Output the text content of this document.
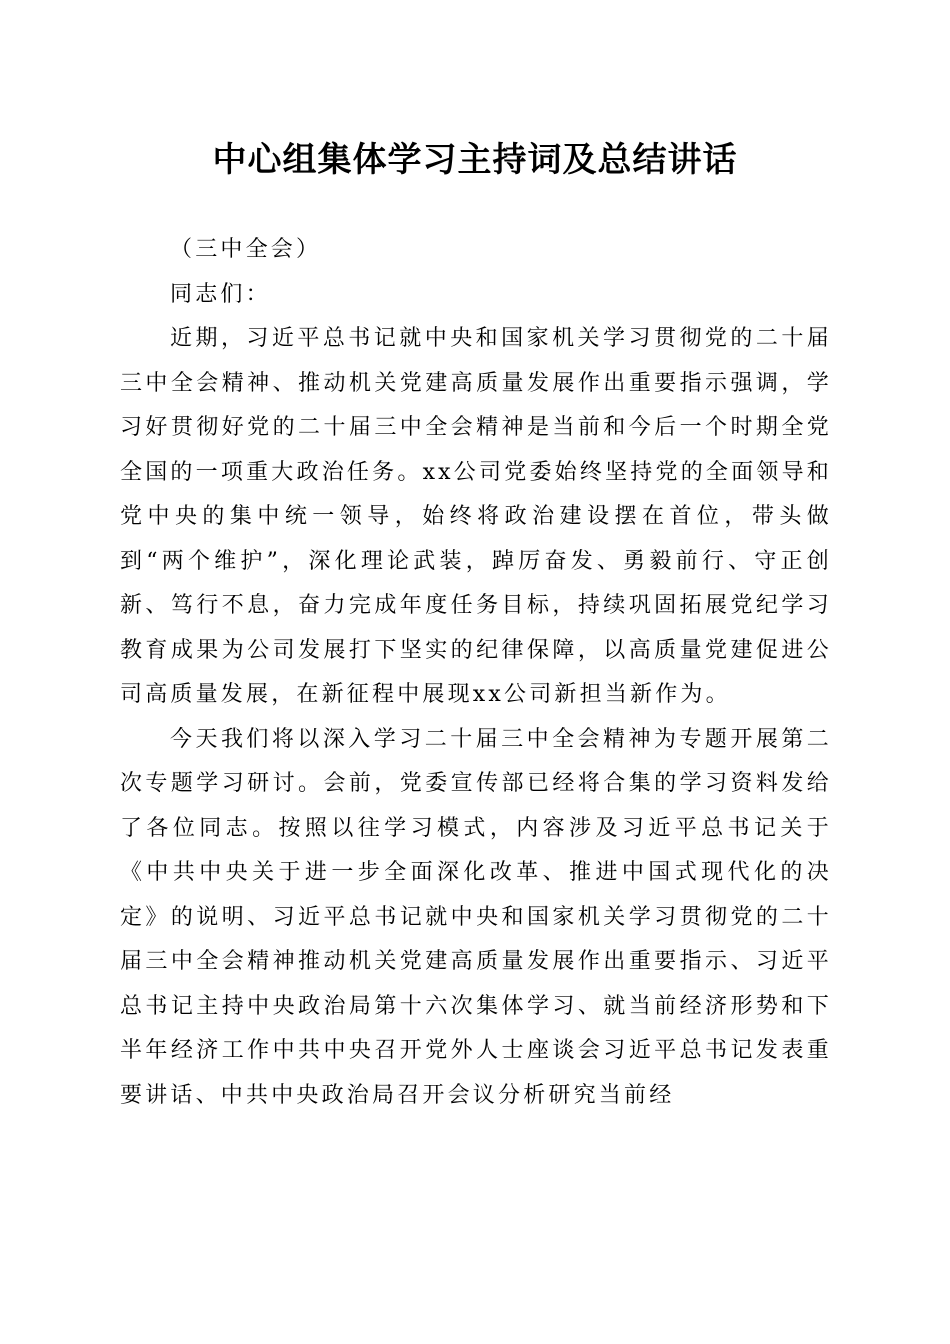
中心组集体学习主持词及总结讲话

（三中全会）

同志们：

近期，习近平总书记就中央和国家机关学习贯彻党的二十届三中全会精神、推动机关党建高质量发展作出重要指示强调，学习好贯彻好党的二十届三中全会精神是当前和今后一个时期全党全国的一项重大政治任务。xx公司党委始终坚持党的全面领导和党中央的集中统一领导，始终将政治建设摆在首位，带头做到“两个维护”，深化理论武装，踔厉奋发、勇毅前行、守正创新、笃行不息，奋力完成年度任务目标，持续巩固拓展党纪学习教育成果为公司发展打下坚实的纪律保障，以高质量党建促进公司高质量发展，在新征程中展现xx公司新担当新作为。

今天我们将以深入学习二十届三中全会精神为专题开展第二次专题学习研讨。会前，党委宣传部已经将合集的学习资料发给了各位同志。按照以往学习模式，内容涉及习近平总书记关于《中共中央关于进一步全面深化改革、推进中国式现代化的决定》的说明、习近平总书记就中央和国家机关学习贯彻党的二十届三中全会精神推动机关党建高质量发展作出重要指示、习近平总书记主持中央政治局第十六次集体学习、就当前经济形势和下半年经济工作中共中央召开党外人士座谈会习近平总书记发表重要讲话、中共中央政治局召开会议分析研究当前经
